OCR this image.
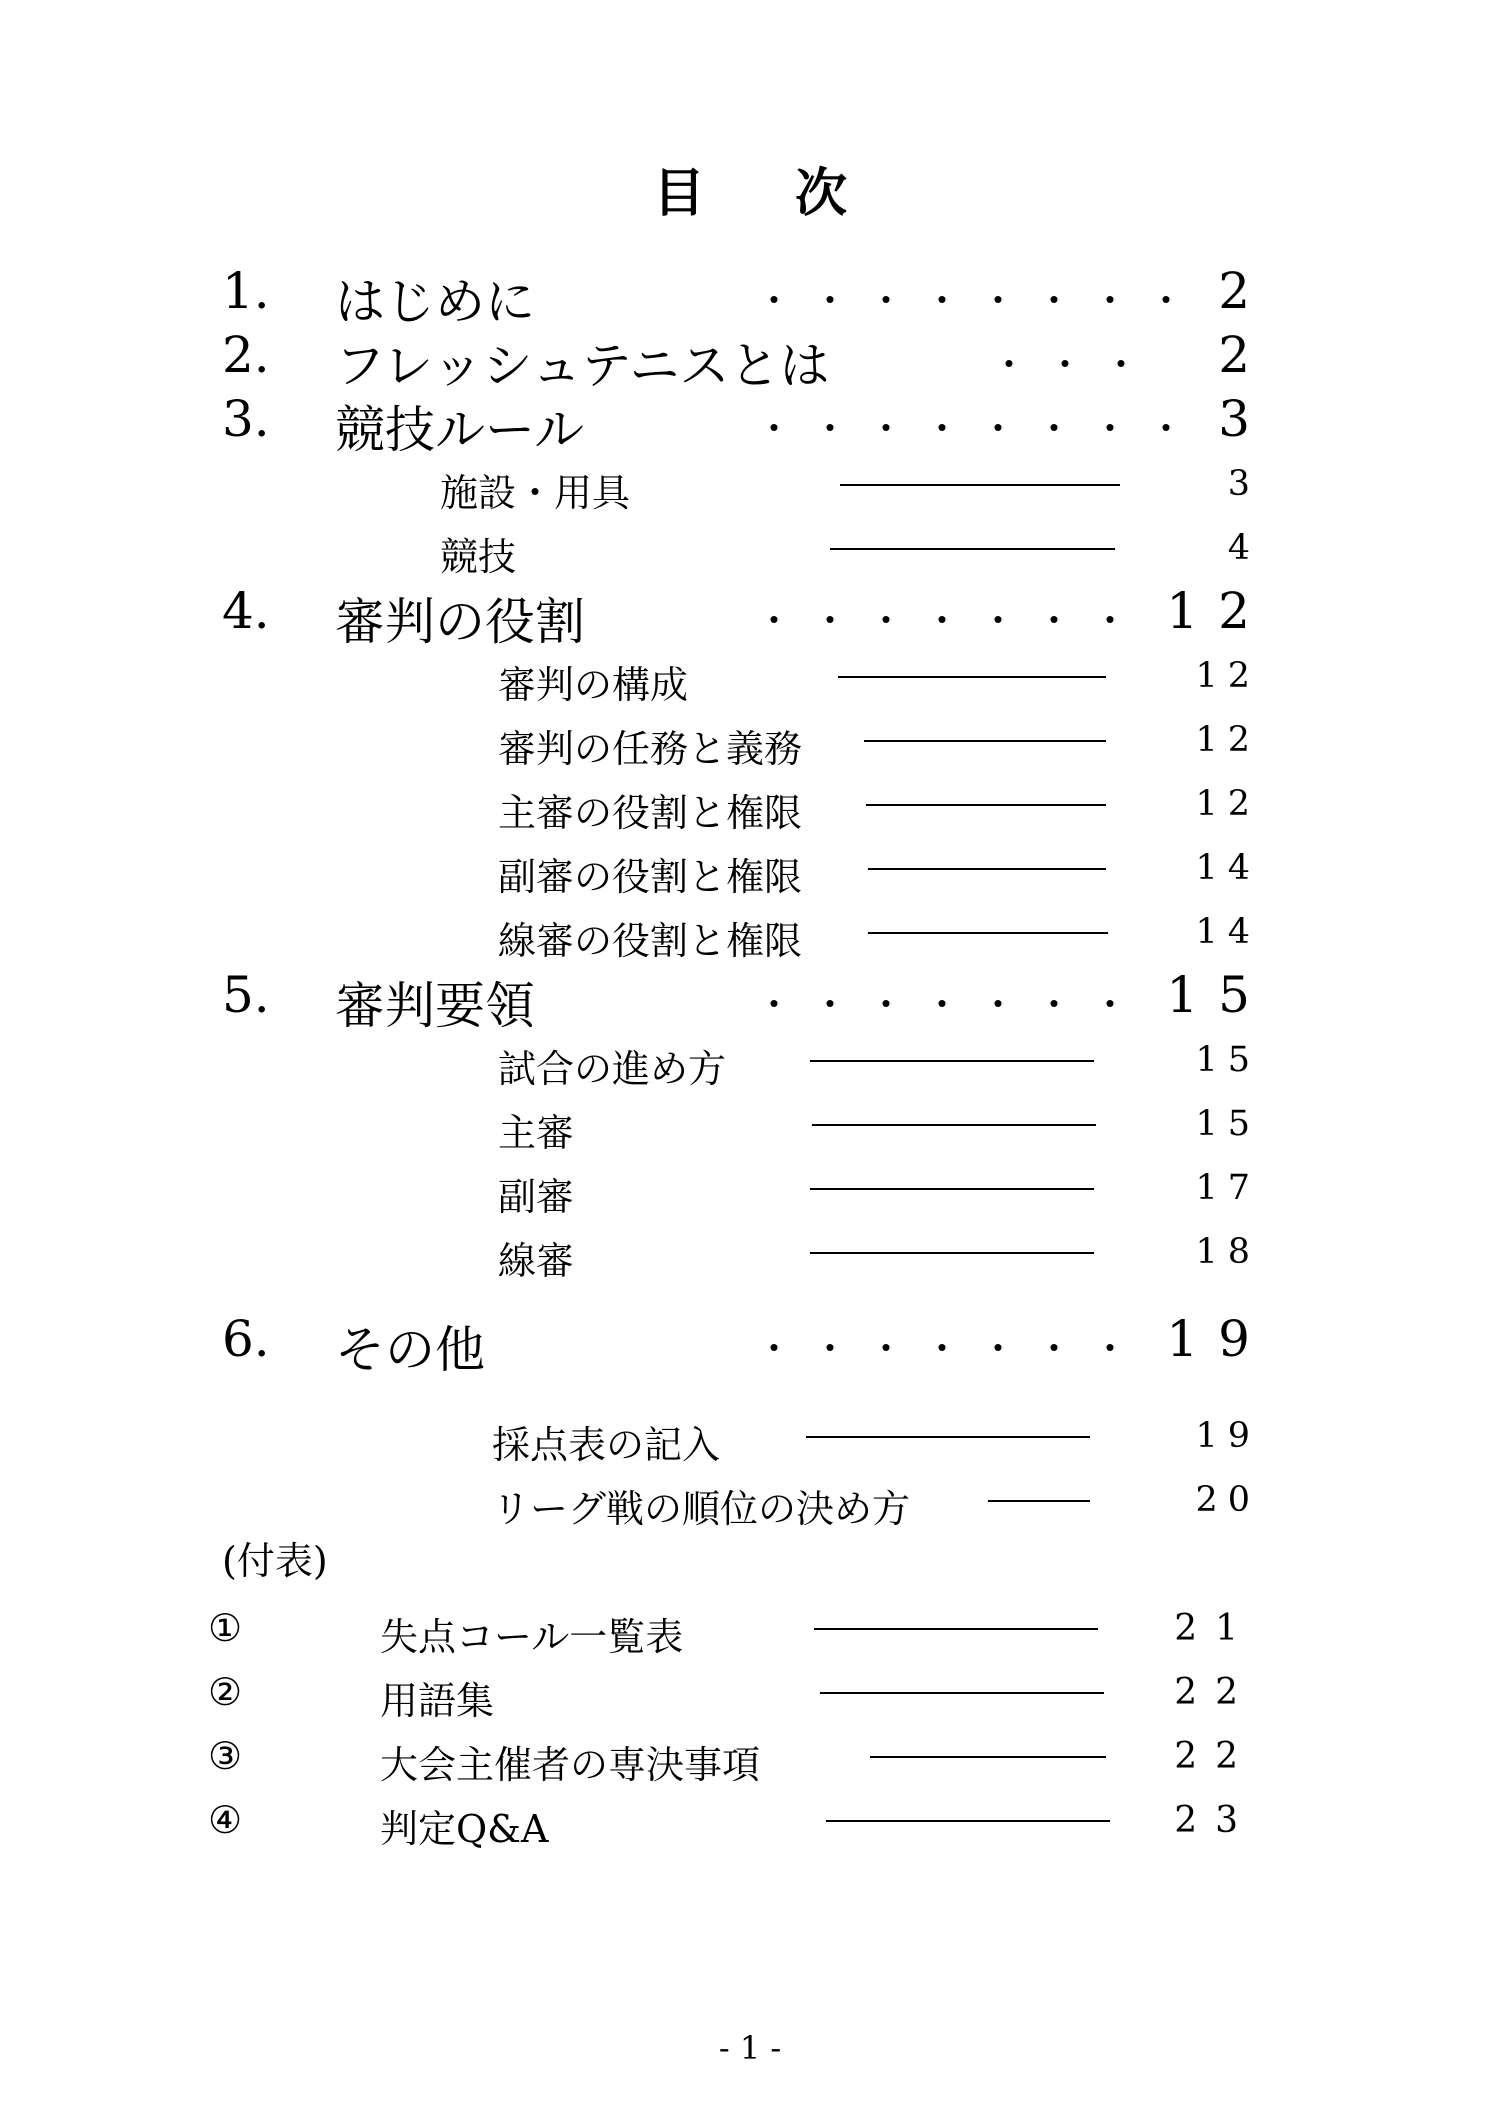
目次
1. はじめに	・・・・・・・・ 2
2. フレッシュテニスとは	・・・ 2
3. 競技ルール	・・・・・・・・ 3
施設・用具	3
競技	4
4. 審判の役割	・・・・・・・ 12
審判の構成	12
審判の任務と義務	12
主審の役割と権限	12
副審の役割と権限	14
線審の役割と権限	14
5. 審判要領	・・・・・・・ 15
試合の進め方	15
主審	15
副審	17
線審	18
6. その他	・・・・・・・ 19
採点表の記入	19
リーグ戦の順位の決め方	20
(付表)
①	失点コール一覧表	21
②	用語集	22
③	大会主催者の専決事項	22
④	判定Q&A	23
- 1 -
